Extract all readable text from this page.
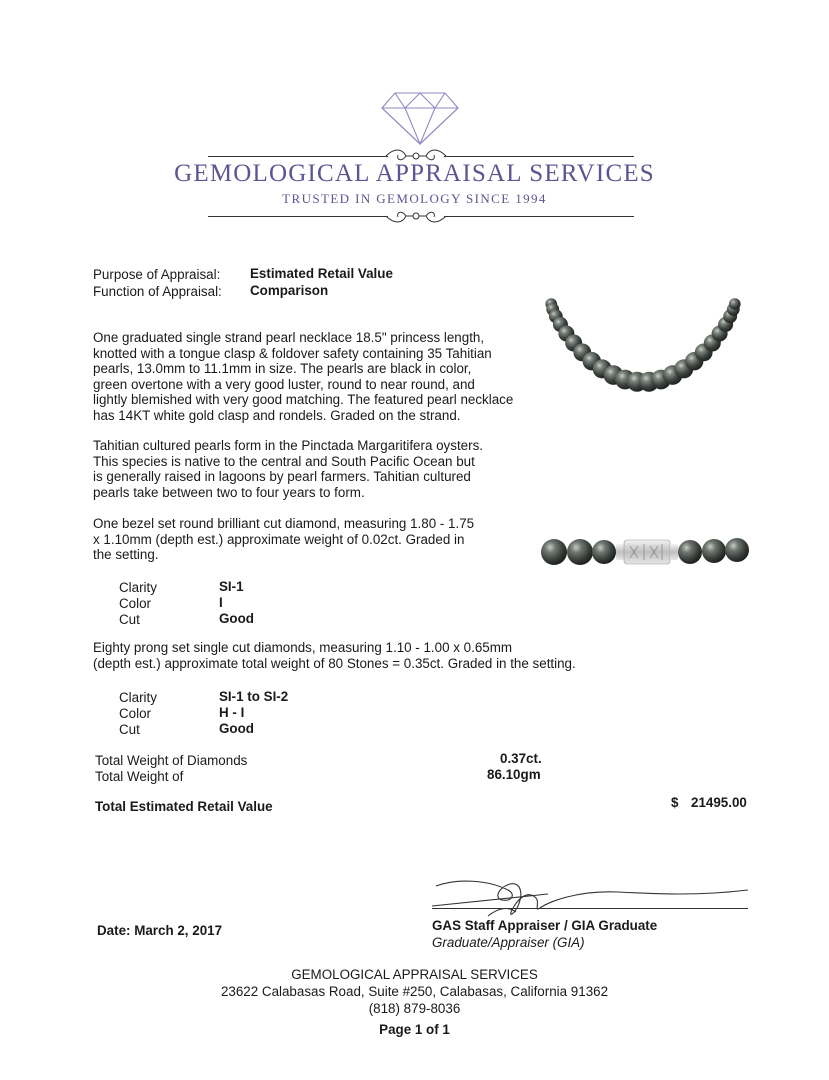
GEMOLOGICAL APPRAISAL SERVICES
TRUSTED IN GEMOLOGY SINCE 1994
Purpose of Appraisal: Estimated Retail Value
Function of Appraisal: Comparison
One graduated single strand pearl necklace 18.5" princess length,
knotted with a tongue clasp & foldover safety containing 35 Tahitian
pearls, 13.0mm to 11.1mm in size. The pearls are black in color,
green overtone with a very good luster, round to near round, and
lightly blemished with very good matching. The featured pearl necklace
has 14KT white gold clasp and rondels. Graded on the strand.
Tahitian cultured pearls form in the Pinctada Margaritifera oysters.
This species is native to the central and South Pacific Ocean but
is generally raised in lagoons by pearl farmers. Tahitian cultured
pearls take between two to four years to form.
One bezel set round brilliant cut diamond, measuring 1.80 - 1.75
x 1.10mm (depth est.) approximate weight of 0.02ct. Graded in
the setting.
Clarity	SI-1
Color	I
Cut	Good
Eighty prong set single cut diamonds, measuring 1.10 - 1.00 x 0.65mm
(depth est.) approximate total weight of 80 Stones = 0.35ct. Graded in the setting.
Clarity	SI-1 to SI-2
Color	H - I
Cut	Good
Total Weight of Diamonds	0.37ct.
Total Weight of	86.10gm
Total Estimated Retail Value	$ 21495.00
Date: March 2, 2017	GAS Staff Appraiser / GIA Graduate
Graduate/Appraiser (GIA)
GEMOLOGICAL APPRAISAL SERVICES
23622 Calabasas Road, Suite #250, Calabasas, California 91362
(818) 879-8036
Page 1 of 1
